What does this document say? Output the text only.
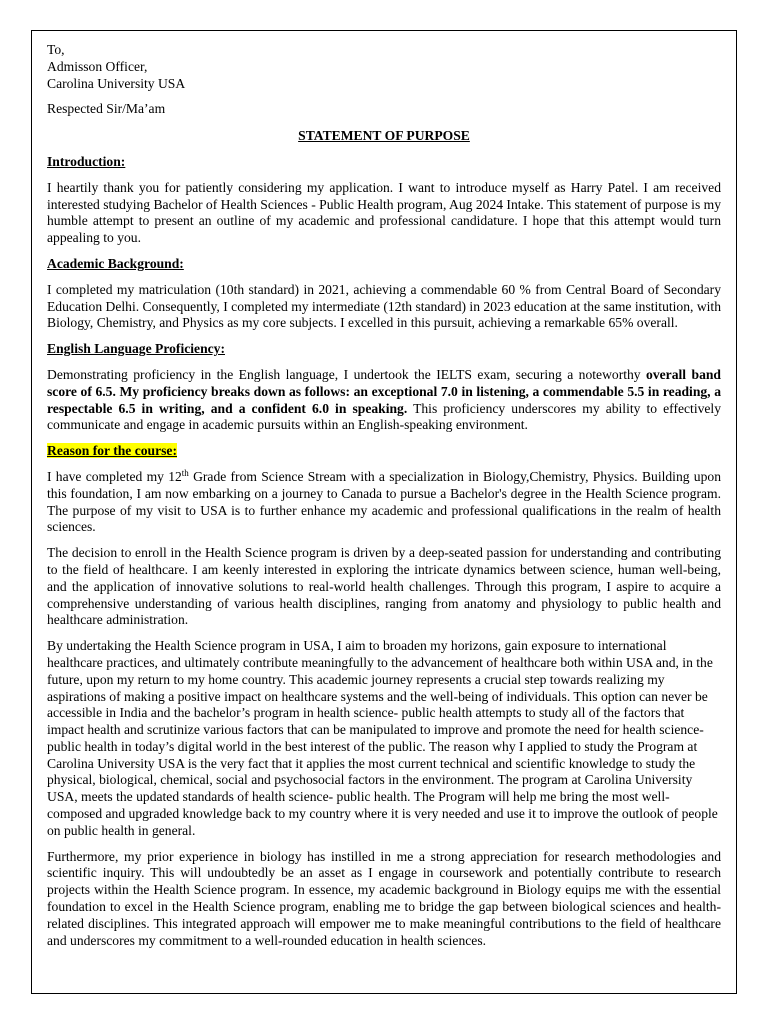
To,
Admisson Officer,
Carolina University USA
Respected Sir/Ma’am
STATEMENT OF PURPOSE
Introduction:

I heartily thank you for patiently considering my application. I want to introduce myself as Harry Patel. I am received interested studying Bachelor of Health Sciences - Public Health program, Aug 2024 Intake. This statement of purpose is my humble attempt to present an outline of my academic and professional candidature. I hope that this attempt would turn appealing to you.

Academic Background:

I completed my matriculation (10th standard) in 2021, achieving a commendable 60 % from Central Board of Secondary Education Delhi. Consequently, I completed my intermediate (12th standard) in 2023 education at the same institution, with Biology, Chemistry, and Physics as my core subjects. I excelled in this pursuit, achieving a remarkable 65% overall.

English Language Proficiency:

Demonstrating proficiency in the English language, I undertook the IELTS exam, securing a noteworthy overall band score of 6.5. My proficiency breaks down as follows: an exceptional 7.0 in listening, a commendable 5.5 in reading, a respectable 6.5 in writing, and a confident 6.0 in speaking. This proficiency underscores my ability to effectively communicate and engage in academic pursuits within an English-speaking environment.

Reason for the course:

I have completed my 12th Grade from Science Stream with a specialization in Biology,Chemistry, Physics. Building upon this foundation, I am now embarking on a journey to Canada to pursue a Bachelor's degree in the Health Science program. The purpose of my visit to USA is to further enhance my academic and professional qualifications in the realm of health sciences.

The decision to enroll in the Health Science program is driven by a deep-seated passion for understanding and contributing to the field of healthcare. I am keenly interested in exploring the intricate dynamics between science, human well-being, and the application of innovative solutions to real-world health challenges. Through this program, I aspire to acquire a comprehensive understanding of various health disciplines, ranging from anatomy and physiology to public health and healthcare administration.

By undertaking the Health Science program in USA, I aim to broaden my horizons, gain exposure to international healthcare practices, and ultimately contribute meaningfully to the advancement of healthcare both within USA and, in the future, upon my return to my home country. This academic journey represents a crucial step towards realizing my aspirations of making a positive impact on healthcare systems and the well-being of individuals. This option can never be accessible in India and the bachelor’s program in health science- public health attempts to study all of the factors that impact health and scrutinize various factors that can be manipulated to improve and promote the need for health science- public health in today’s digital world in the best interest of the public. The reason why I applied to study the Program at Carolina University USA is the very fact that it applies the most current technical and scientific knowledge to study the physical, biological, chemical, social and psychosocial factors in the environment. The program at Carolina University USA, meets the updated standards of health science- public health. The Program will help me bring the most well-composed and upgraded knowledge back to my country where it is very needed and use it to improve the outlook of people on public health in general.

Furthermore, my prior experience in biology has instilled in me a strong appreciation for research methodologies and scientific inquiry. This will undoubtedly be an asset as I engage in coursework and potentially contribute to research projects within the Health Science program. In essence, my academic background in Biology equips me with the essential foundation to excel in the Health Science program, enabling me to bridge the gap between biological sciences and health-related disciplines. This integrated approach will empower me to make meaningful contributions to the field of healthcare and underscores my commitment to a well-rounded education in health sciences.
